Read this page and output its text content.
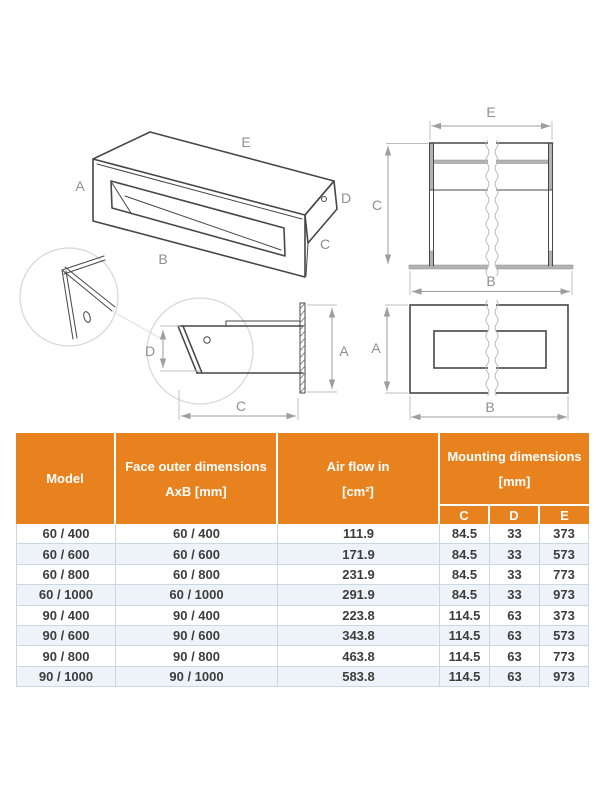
A
E
D
C
B
D
C
A
E
C
B
A
B
Model
Face outer dimensions
AxB [mm]
Air flow in
[cm²]
Mounting dimensions
[mm]
C	D	E
60 / 400	60 / 400	111.9	84.5	33	373
60 / 600	60 / 600	171.9	84.5	33	573
60 / 800	60 / 800	231.9	84.5	33	773
60 / 1000	60 / 1000	291.9	84.5	33	973
90 / 400	90 / 400	223.8	114.5	63	373
90 / 600	90 / 600	343.8	114.5	63	573
90 / 800	90 / 800	463.8	114.5	63	773
90 / 1000	90 / 1000	583.8	114.5	63	973
